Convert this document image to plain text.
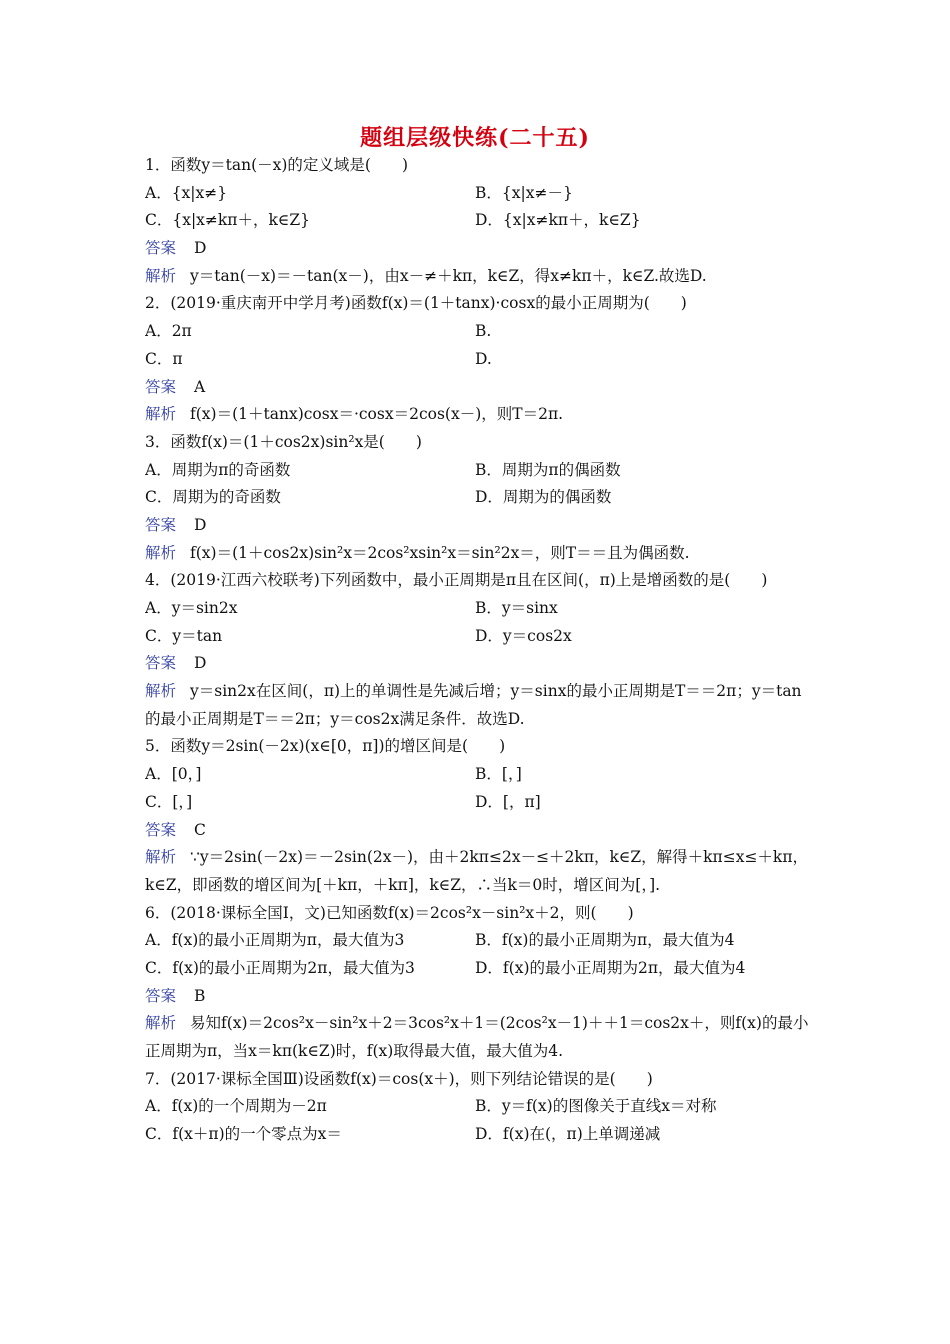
题组层级快练(二十五)
1．函数y＝tan(－x)的定义域是(　　)
A．{x|x≠}	B．{x|x≠－}
C．{x|x≠kπ＋，k∈Z}	D．{x|x≠kπ＋，k∈Z}
答案 D
解析 y＝tan(－x)＝－tan(x－)，由x－≠＋kπ，k∈Z，得x≠kπ＋，k∈Z.故选D.
2．(2019·重庆南开中学月考)函数f(x)＝(1＋tanx)·cosx的最小正周期为(　　)
A．2π	B.
C．π	D.
答案 A
解析 f(x)＝(1＋tanx)cosx＝·cosx＝2cos(x－)，则T＝2π.
3．函数f(x)＝(1＋cos2x)sin²x是(　　)
A．周期为π的奇函数	B．周期为π的偶函数
C．周期为的奇函数	D．周期为的偶函数
答案 D
解析 f(x)＝(1＋cos2x)sin²x＝2cos²xsin²x＝sin²2x＝，则T＝＝且为偶函数.
4．(2019·江西六校联考)下列函数中，最小正周期是π且在区间(，π)上是增函数的是(　　)
A．y＝sin2x	B．y＝sinx
C．y＝tan	D．y＝cos2x
答案 D
解析 y＝sin2x在区间(，π)上的单调性是先减后增；y＝sinx的最小正周期是T＝＝2π；y＝tan的最小正周期是T＝＝2π；y＝cos2x满足条件．故选D.
5．函数y＝2sin(－2x)(x∈[0，π])的增区间是(　　)
A．[0，]	B．[，]
C．[，]	D．[，π]
答案 C
解析 ∵y＝2sin(－2x)＝－2sin(2x－)，由＋2kπ≤2x－≤＋2kπ，k∈Z，解得＋kπ≤x≤＋kπ，k∈Z，即函数的增区间为[＋kπ，＋kπ]，k∈Z，∴当k＝0时，增区间为[，].
6．(2018·课标全国Ⅰ，文)已知函数f(x)＝2cos²x－sin²x＋2，则(　　)
A．f(x)的最小正周期为π，最大值为3	B．f(x)的最小正周期为π，最大值为4
C．f(x)的最小正周期为2π，最大值为3	D．f(x)的最小正周期为2π，最大值为4
答案 B
解析 易知f(x)＝2cos²x－sin²x＋2＝3cos²x＋1＝(2cos²x－1)＋＋1＝cos2x＋，则f(x)的最小正周期为π，当x＝kπ(k∈Z)时，f(x)取得最大值，最大值为4.
7．(2017·课标全国Ⅲ)设函数f(x)＝cos(x＋)，则下列结论错误的是(　　)
A．f(x)的一个周期为－2π	B．y＝f(x)的图像关于直线x＝对称
C．f(x＋π)的一个零点为x＝	D．f(x)在(，π)上单调递减
